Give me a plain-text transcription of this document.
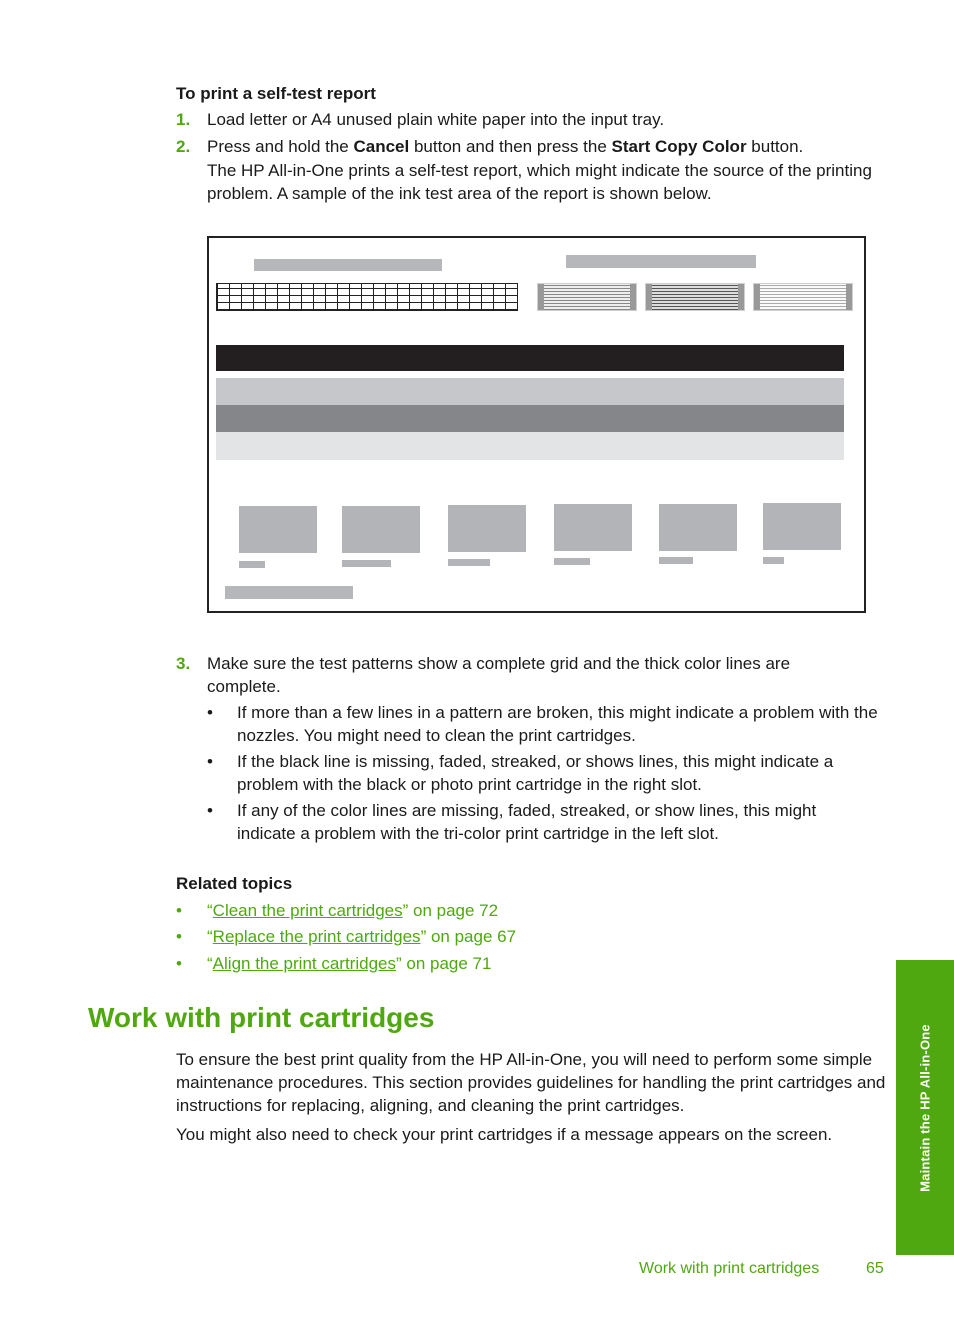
To print a self-test report
1. Load letter or A4 unused plain white paper into the input tray.
2. Press and hold the Cancel button and then press the Start Copy Color button.
The HP All-in-One prints a self-test report, which might indicate the source of the printing problem. A sample of the ink test area of the report is shown below.
3. Make sure the test patterns show a complete grid and the thick color lines are complete.
• If more than a few lines in a pattern are broken, this might indicate a problem with the nozzles. You might need to clean the print cartridges.
• If the black line is missing, faded, streaked, or shows lines, this might indicate a problem with the black or photo print cartridge in the right slot.
• If any of the color lines are missing, faded, streaked, or show lines, this might indicate a problem with the tri-color print cartridge in the left slot.
Related topics
• “Clean the print cartridges” on page 72
• “Replace the print cartridges” on page 67
• “Align the print cartridges” on page 71
Work with print cartridges
To ensure the best print quality from the HP All-in-One, you will need to perform some simple maintenance procedures. This section provides guidelines for handling the print cartridges and instructions for replacing, aligning, and cleaning the print cartridges.
You might also need to check your print cartridges if a message appears on the screen.	Maintain the HP All-in-One
Work with print cartridges	65
